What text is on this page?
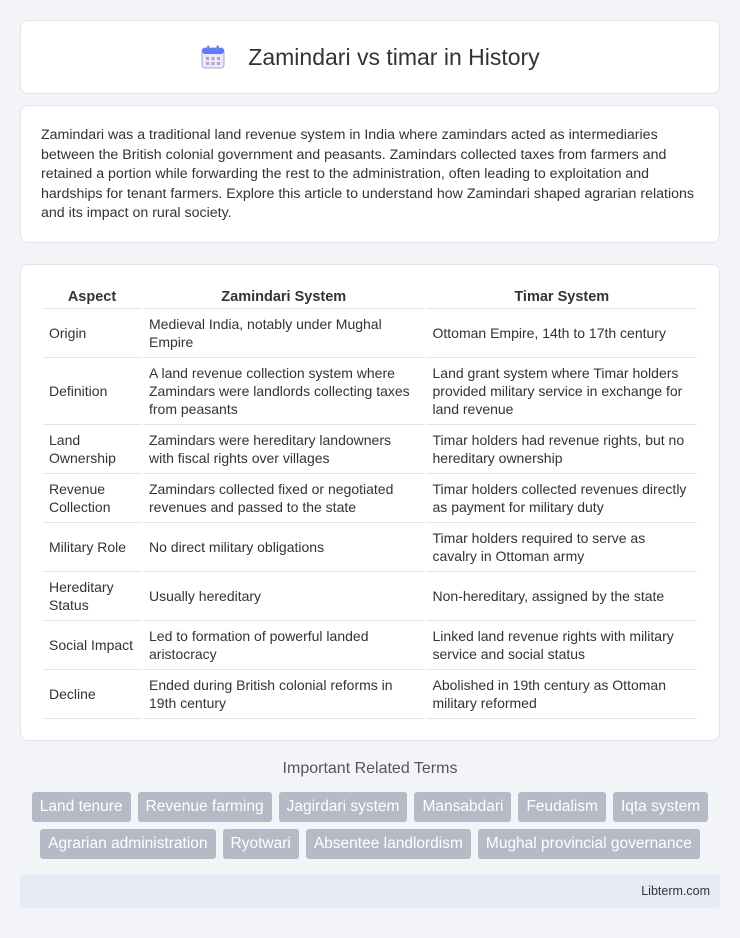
Zamindari vs timar in History

Zamindari was a traditional land revenue system in India where zamindars acted as intermediaries between the British colonial government and peasants. Zamindars collected taxes from farmers and retained a portion while forwarding the rest to the administration, often leading to exploitation and hardships for tenant farmers. Explore this article to understand how Zamindari shaped agrarian relations and its impact on rural society.

Aspect	Zamindari System	Timar System
Origin	Medieval India, notably under Mughal Empire	Ottoman Empire, 14th to 17th century
Definition	A land revenue collection system where Zamindars were landlords collecting taxes from peasants	Land grant system where Timar holders provided military service in exchange for land revenue
Land Ownership	Zamindars were hereditary landowners with fiscal rights over villages	Timar holders had revenue rights, but no hereditary ownership
Revenue Collection	Zamindars collected fixed or negotiated revenues and passed to the state	Timar holders collected revenues directly as payment for military duty
Military Role	No direct military obligations	Timar holders required to serve as cavalry in Ottoman army
Hereditary Status	Usually hereditary	Non-hereditary, assigned by the state
Social Impact	Led to formation of powerful landed aristocracy	Linked land revenue rights with military service and social status
Decline	Ended during British colonial reforms in 19th century	Abolished in 19th century as Ottoman military reformed
Important Related Terms
Land tenure	Revenue farming	Jagirdari system	Mansabdari	Feudalism	Iqta system
Agrarian administration	Ryotwari	Absentee landlordism	Mughal provincial governance
Libterm.com
